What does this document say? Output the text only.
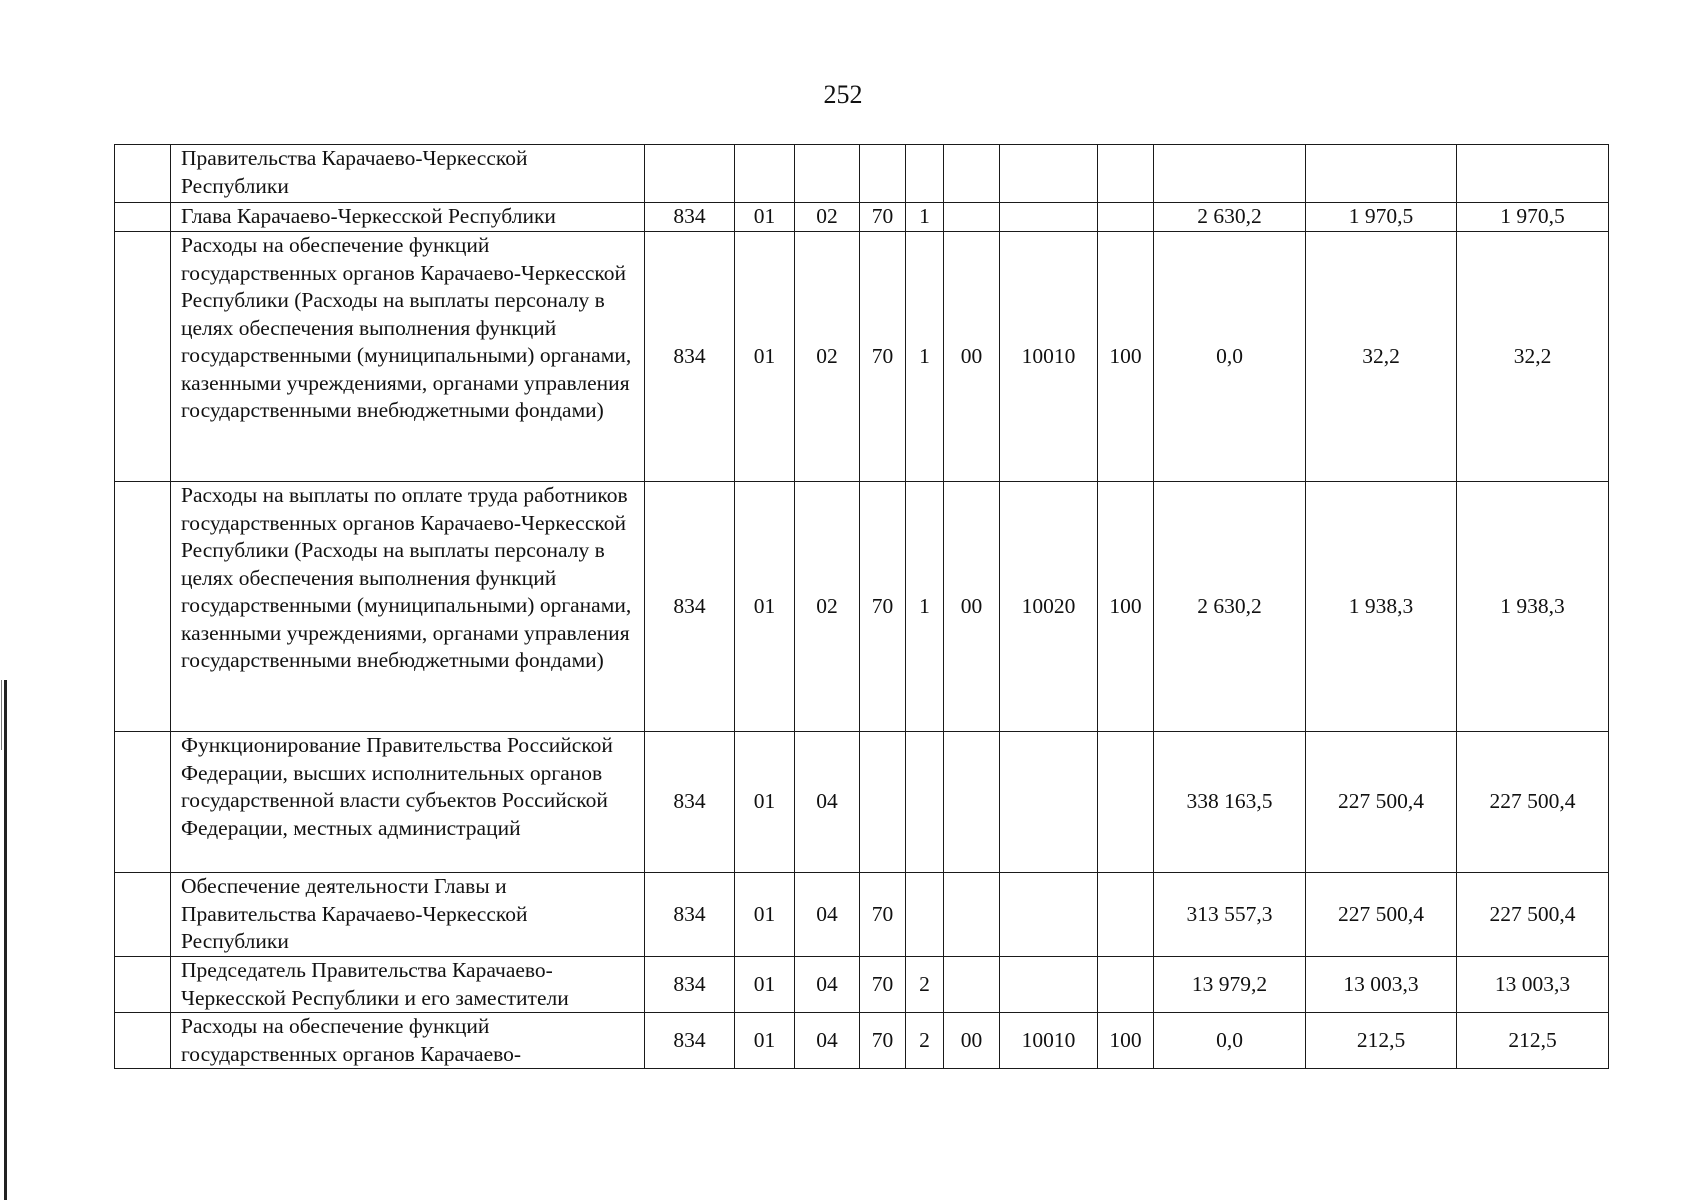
252
	Правительства Карачаево-Черкесской Республики											
	Глава Карачаево-Черкесской Республики	834	01	02	70	1				2 630,2	1 970,5	1 970,5
	Расходы на обеспечение функций государственных органов Карачаево-Черкесской Республики (Расходы на выплаты персоналу в целях обеспечения выполнения функций государственными (муниципальными) органами, казенными учреждениями, органами управления государственными внебюджетными фондами)	834	01	02	70	1	00	10010	100	0,0	32,2	32,2
	Расходы на выплаты по оплате труда работников государственных органов Карачаево-Черкесской Республики (Расходы на выплаты персоналу в целях обеспечения выполнения функций государственными (муниципальными) органами, казенными учреждениями, органами управления государственными внебюджетными фондами)	834	01	02	70	1	00	10020	100	2 630,2	1 938,3	1 938,3
	Функционирование Правительства Российской Федерации, высших исполнительных органов государственной власти субъектов Российской Федерации, местных администраций	834	01	04						338 163,5	227 500,4	227 500,4
	Обеспечение деятельности Главы и Правительства Карачаево-Черкесской Республики	834	01	04	70					313 557,3	227 500,4	227 500,4
	Председатель Правительства Карачаево-Черкесской Республики и его заместители	834	01	04	70	2				13 979,2	13 003,3	13 003,3
	Расходы на обеспечение функций государственных органов Карачаево-	834	01	04	70	2	00	10010	100	0,0	212,5	212,5
